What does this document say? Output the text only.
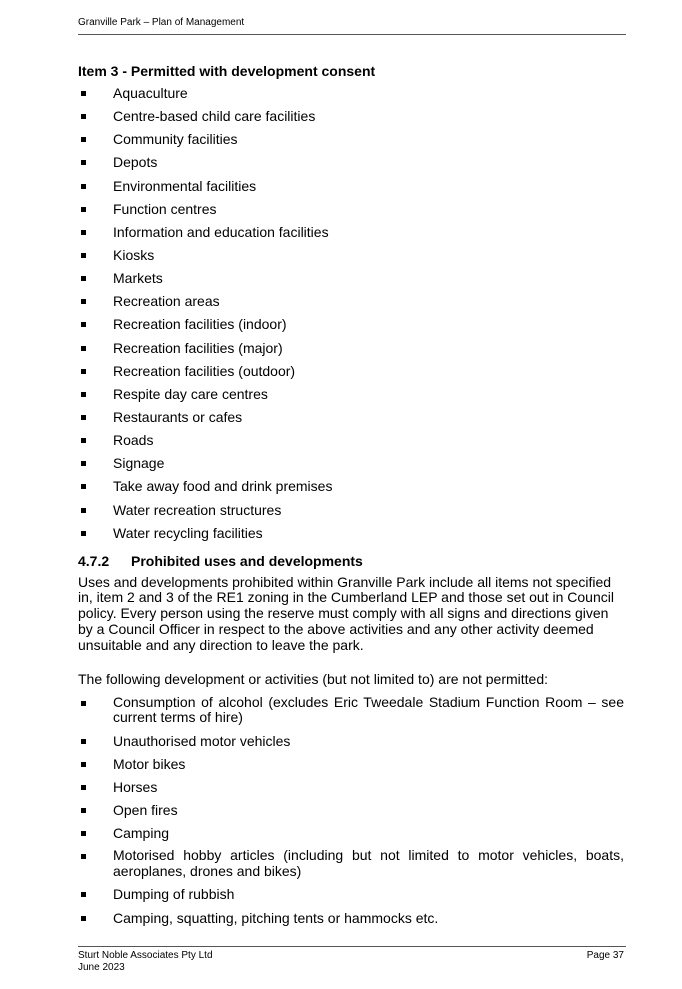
Granville Park – Plan of Management
Item 3 - Permitted with development consent
Aquaculture
Centre-based child care facilities
Community facilities
Depots
Environmental facilities
Function centres
Information and education facilities
Kiosks
Markets
Recreation areas
Recreation facilities (indoor)
Recreation facilities (major)
Recreation facilities (outdoor)
Respite day care centres
Restaurants or cafes
Roads
Signage
Take away food and drink premises
Water recreation structures
Water recycling facilities
4.7.2	Prohibited uses and developments

Uses and developments prohibited within Granville Park include all items not specified in, item 2 and 3 of the RE1 zoning in the Cumberland LEP and those set out in Council policy. Every person using the reserve must comply with all signs and directions given by a Council Officer in respect to the above activities and any other activity deemed unsuitable and any direction to leave the park.

The following development or activities (but not limited to) are not permitted:

Consumption of alcohol (excludes Eric Tweedale Stadium Function Room – see current terms of hire)
Unauthorised motor vehicles
Motor bikes
Horses
Open fires
Camping
Motorised hobby articles (including but not limited to motor vehicles, boats, aeroplanes, drones and bikes)
Dumping of rubbish
Camping, squatting, pitching tents or hammocks etc.
Sturt Noble Associates Pty Ltd
June 2023
Page 37
